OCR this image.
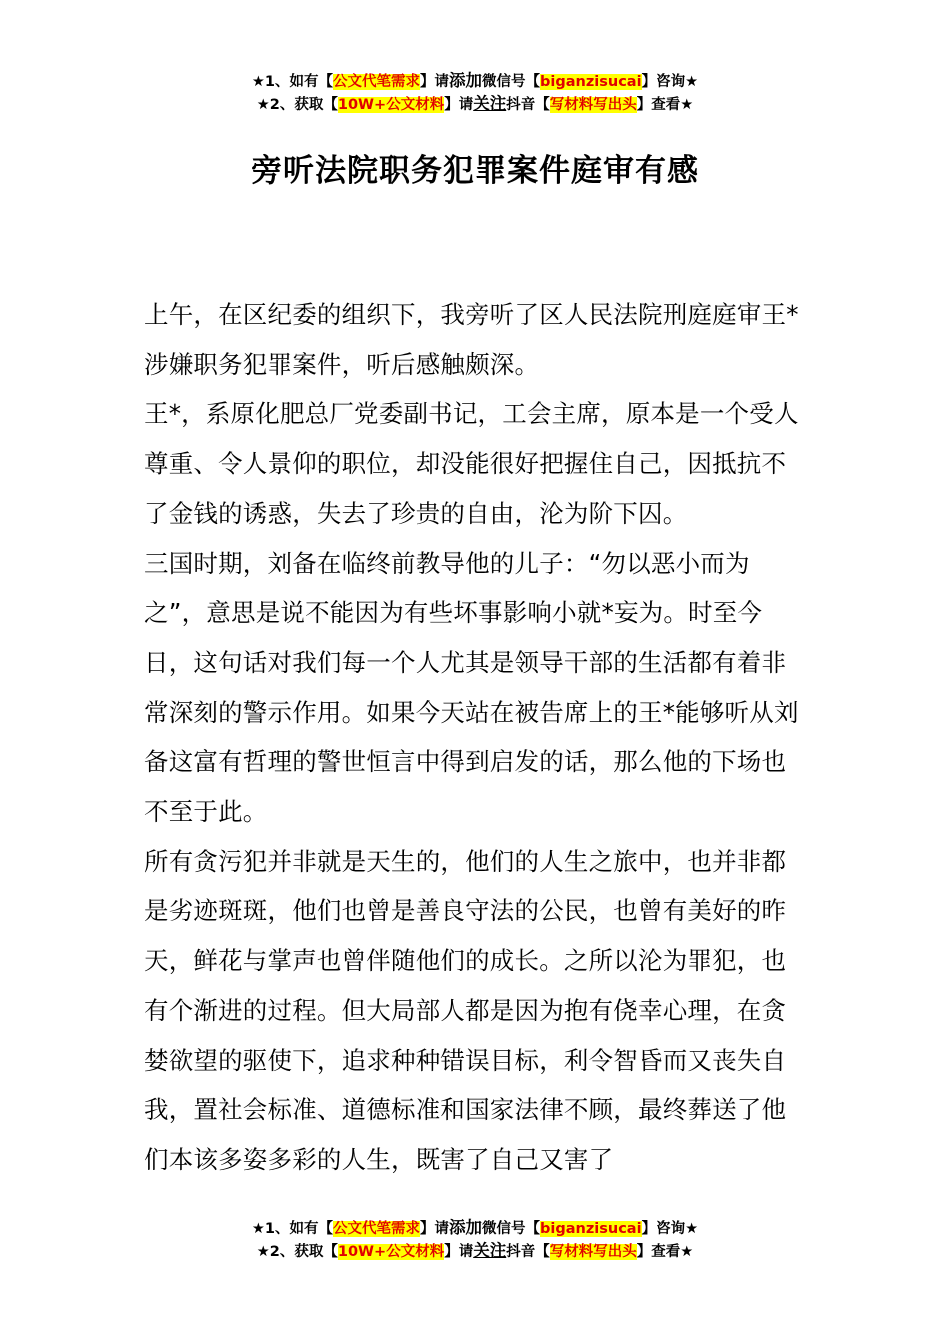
★1、如有【公文代笔需求】请添加微信号【biganzisucai】咨询★
★2、获取【10W+公文材料】请关注抖音【写材料写出头】查看★
旁听法院职务犯罪案件庭审有感

上午，在区纪委的组织下，我旁听了区人民法院刑庭庭审王*涉嫌职务犯罪案件，听后感触颇深。

王*，系原化肥总厂党委副书记，工会主席，原本是一个受人尊重、令人景仰的职位，却没能很好把握住自己，因抵抗不了金钱的诱惑，失去了珍贵的自由，沦为阶下囚。

三国时期，刘备在临终前教导他的儿子：“勿以恶小而为之”，意思是说不能因为有些坏事影响小就*妄为。时至今日，这句话对我们每一个人尤其是领导干部的生活都有着非常深刻的警示作用。如果今天站在被告席上的王*能够听从刘备这富有哲理的警世恒言中得到启发的话，那么他的下场也不至于此。

所有贪污犯并非就是天生的，他们的人生之旅中，也并非都是劣迹斑斑，他们也曾是善良守法的公民，也曾有美好的昨天，鲜花与掌声也曾伴随他们的成长。之所以沦为罪犯，也有个渐进的过程。但大局部人都是因为抱有侥幸心理，在贪婪欲望的驱使下，追求种种错误目标，利令智昏而又丧失自我，置社会标准、道德标准和国家法律不顾，最终葬送了他们本该多姿多彩的人生，既害了自己又害了

★1、如有【公文代笔需求】请添加微信号【biganzisucai】咨询★
★2、获取【10W+公文材料】请关注抖音【写材料写出头】查看★
